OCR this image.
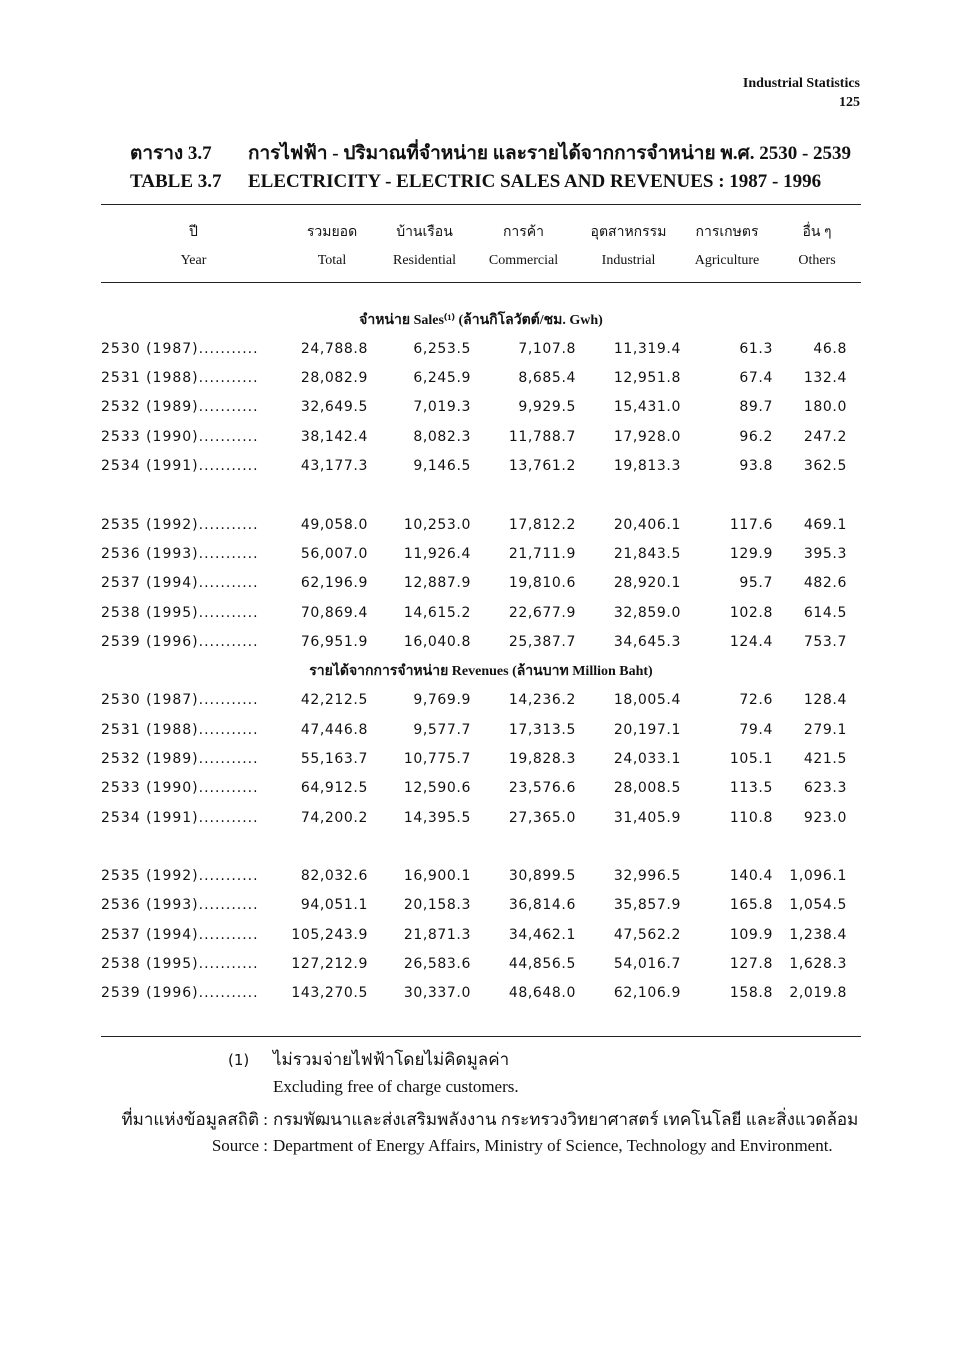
Industrial Statistics
125
ตาราง 3.7 การไฟฟ้า - ปริมาณที่จำหน่าย และรายได้จากการจำหน่าย พ.ศ. 2530 - 2539
TABLE 3.7 ELECTRICITY - ELECTRIC SALES AND REVENUES : 1987 - 1996
ปี	รวมยอด	บ้านเรือน	การค้า	อุตสาหกรรม	การเกษตร	อื่น ๆ
Year	Total	Residential	Commercial	Industrial	Agriculture	Others

จำหน่าย Sales⁽¹⁾ (ล้านกิโลวัตต์/ชม. Gwh)						
2530 (1987)...........	24,788.8	6,253.5	7,107.8	11,319.4	61.3	46.8
2531 (1988)...........	28,082.9	6,245.9	8,685.4	12,951.8	67.4	132.4
2532 (1989)...........	32,649.5	7,019.3	9,929.5	15,431.0	89.7	180.0
2533 (1990)...........	38,142.4	8,082.3	11,788.7	17,928.0	96.2	247.2
2534 (1991)...........	43,177.3	9,146.5	13,761.2	19,813.3	93.8	362.5

2535 (1992)...........	49,058.0	10,253.0	17,812.2	20,406.1	117.6	469.1
2536 (1993)...........	56,007.0	11,926.4	21,711.9	21,843.5	129.9	395.3
2537 (1994)...........	62,196.9	12,887.9	19,810.6	28,920.1	95.7	482.6
2538 (1995)...........	70,869.4	14,615.2	22,677.9	32,859.0	102.8	614.5
2539 (1996)...........	76,951.9	16,040.8	25,387.7	34,645.3	124.4	753.7
รายได้จากการจำหน่าย Revenues (ล้านบาท Million Baht)						
2530 (1987)...........	42,212.5	9,769.9	14,236.2	18,005.4	72.6	128.4
2531 (1988)...........	47,446.8	9,577.7	17,313.5	20,197.1	79.4	279.1
2532 (1989)...........	55,163.7	10,775.7	19,828.3	24,033.1	105.1	421.5
2533 (1990)...........	64,912.5	12,590.6	23,576.6	28,008.5	113.5	623.3
2534 (1991)...........	74,200.2	14,395.5	27,365.0	31,405.9	110.8	923.0

2535 (1992)...........	82,032.6	16,900.1	30,899.5	32,996.5	140.4	1,096.1
2536 (1993)...........	94,051.1	20,158.3	36,814.6	35,857.9	165.8	1,054.5
2537 (1994)...........	105,243.9	21,871.3	34,462.1	47,562.2	109.9	1,238.4
2538 (1995)...........	127,212.9	26,583.6	44,856.5	54,016.7	127.8	1,628.3
2539 (1996)...........	143,270.5	30,337.0	48,648.0	62,106.9	158.8	2,019.8

(1) ไม่รวมจ่ายไฟฟ้าโดยไม่คิดมูลค่า
Excluding free of charge customers.
ที่มาแห่งข้อมูลสถิติ : กรมพัฒนาและส่งเสริมพลังงาน กระทรวงวิทยาศาสตร์ เทคโนโลยี และสิ่งแวดล้อม
Source : Department of Energy Affairs, Ministry of Science, Technology and Environment.
